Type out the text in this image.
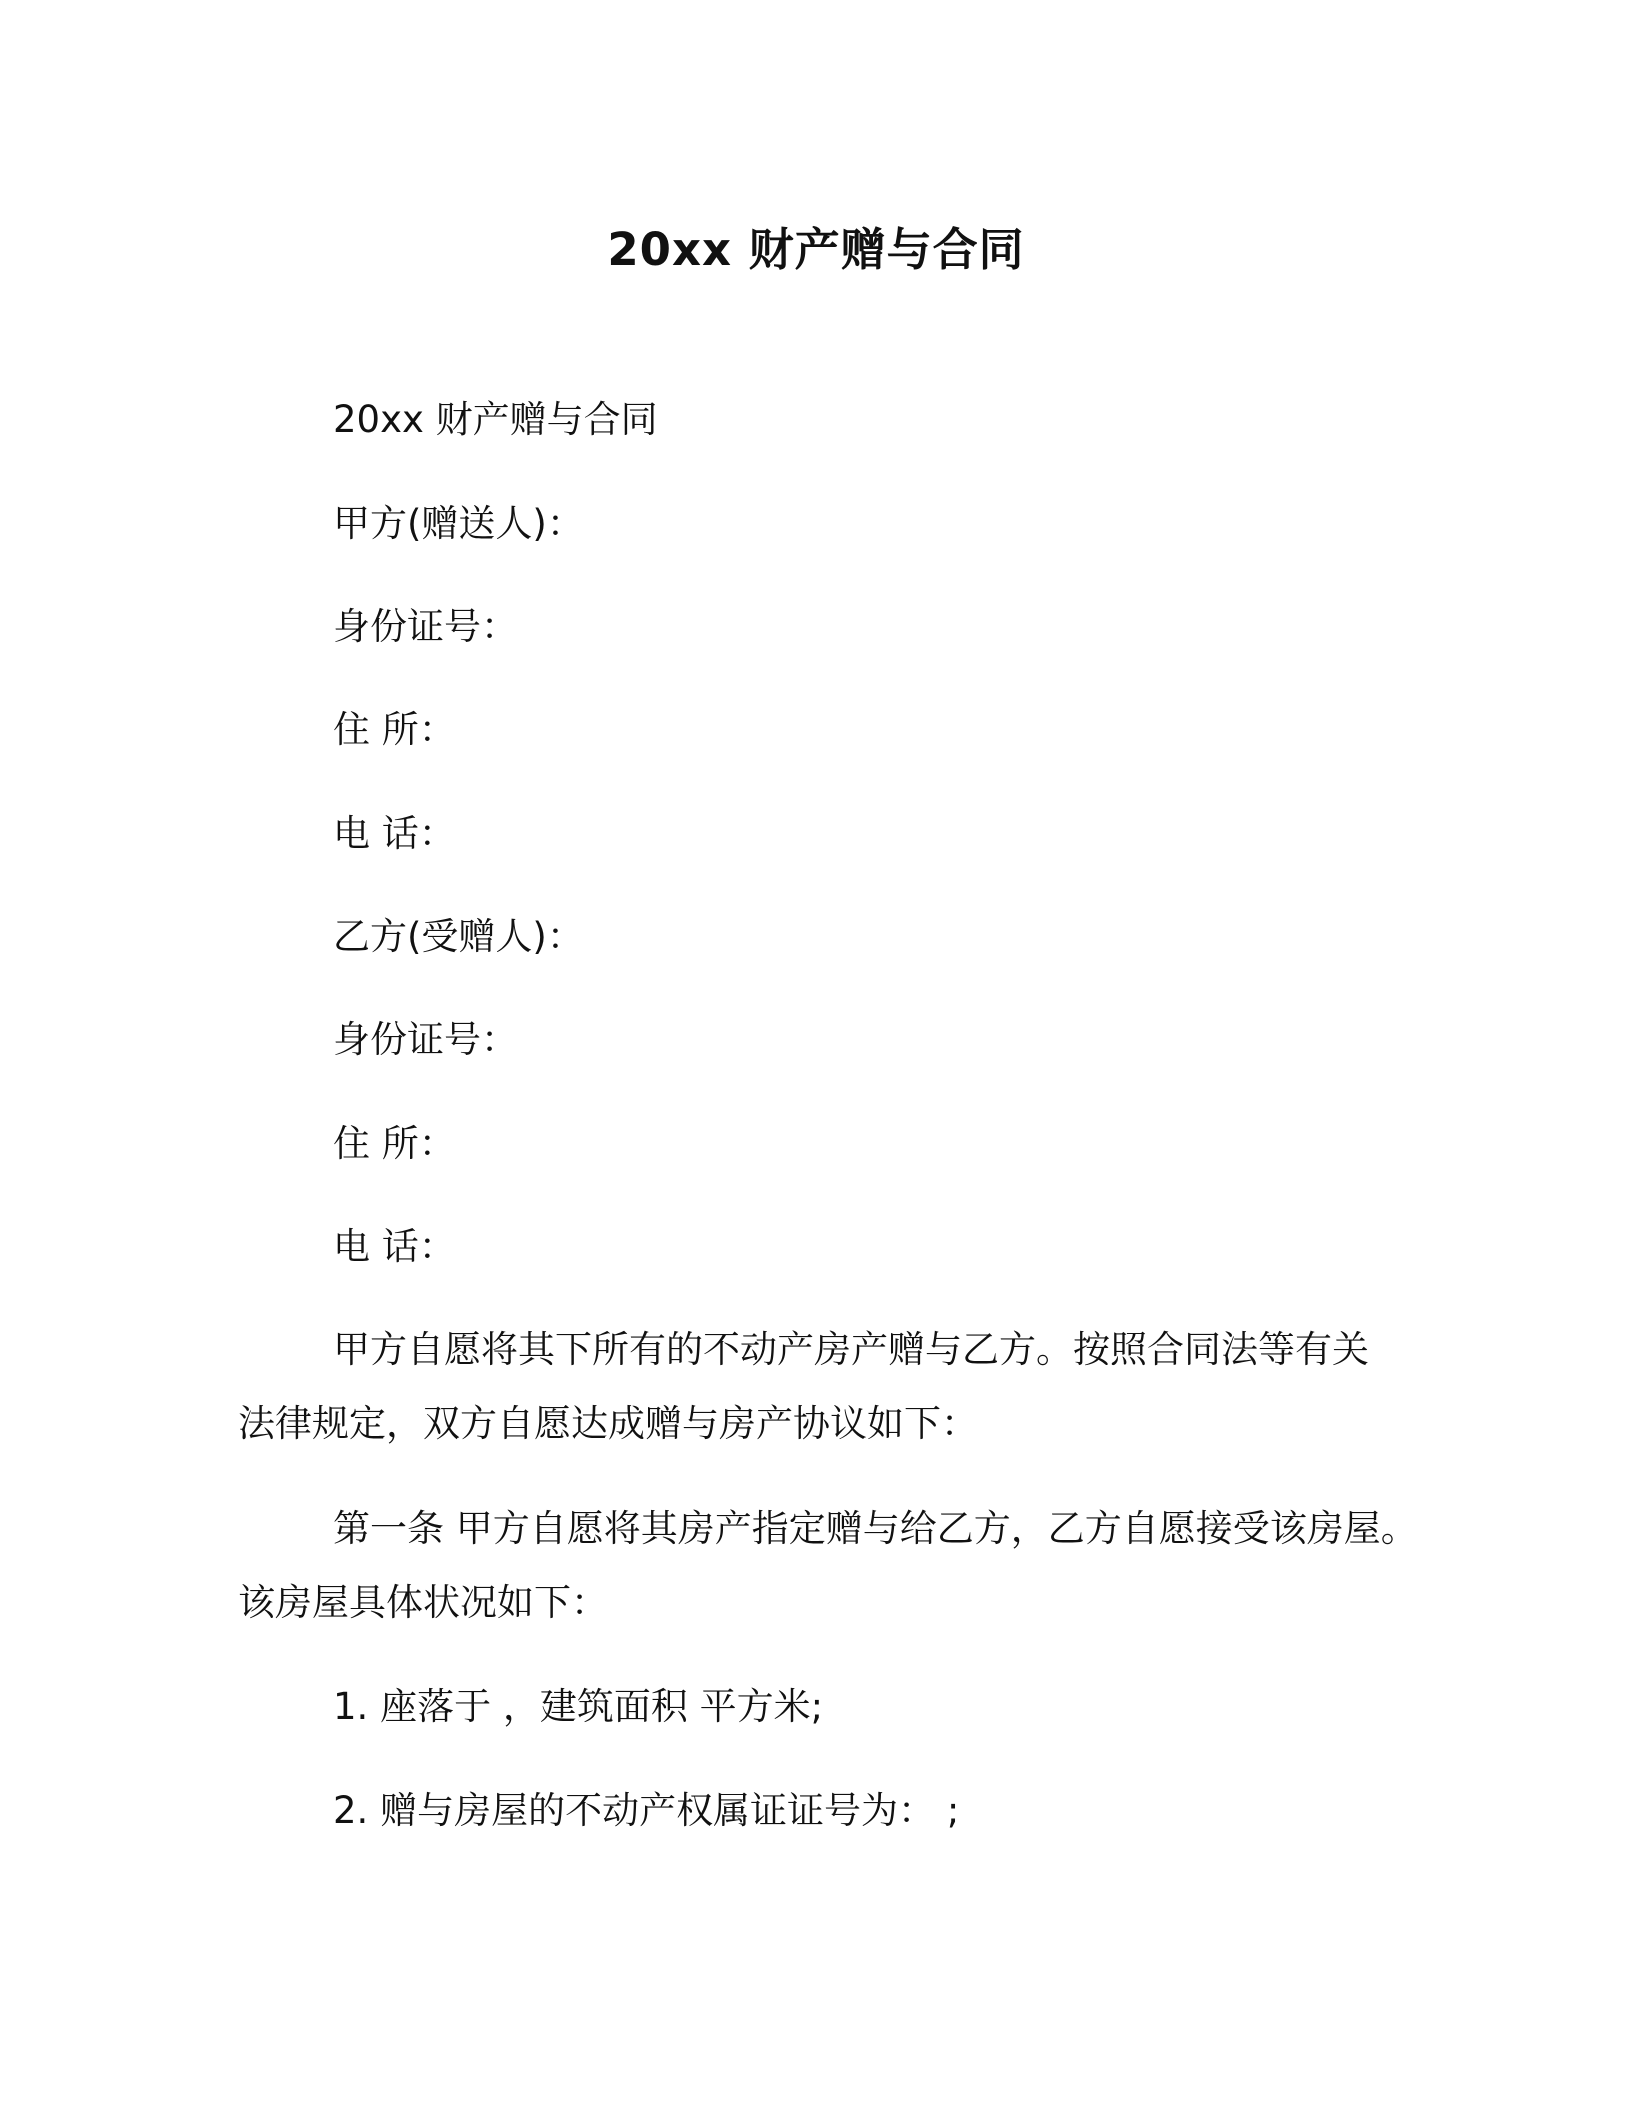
20xx 财产赠与合同
20xx 财产赠与合同
甲方(赠送人)：
身份证号：
住 所：
电 话：
乙方(受赠人)：
身份证号：
住 所：
电 话：
甲方自愿将其下所有的不动产房产赠与乙方。按照合同法等有关
法律规定，双方自愿达成赠与房产协议如下：
第一条 甲方自愿将其房产指定赠与给乙方，乙方自愿接受该房屋。
该房屋具体状况如下：
1. 座落于 ，建筑面积 平方米;
2. 赠与房屋的不动产权属证证号为： ;
